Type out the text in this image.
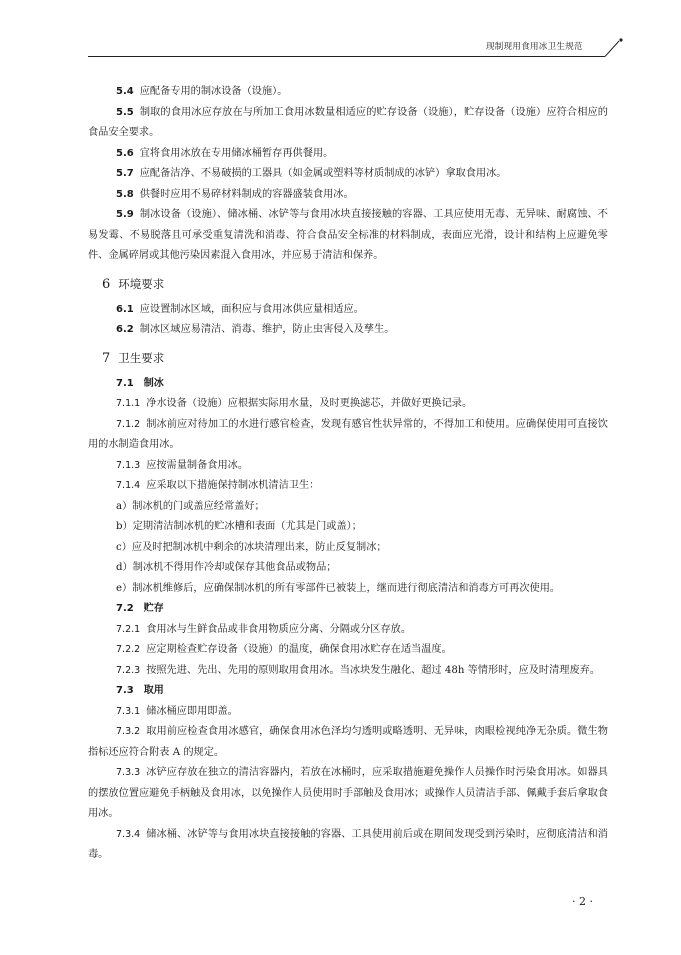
现制现用食用冰卫生规范

5.4 应配备专用的制冰设备（设施）。

5.5 制取的食用冰应存放在与所加工食用冰数量相适应的贮存设备（设施），贮存设备（设施）应符合相应的食品安全要求。

5.6 宜将食用冰放在专用储冰桶暂存再供餐用。

5.7 应配备洁净、不易破损的工器具（如金属或塑料等材质制成的冰铲）拿取食用冰。

5.8 供餐时应用不易碎材料制成的容器盛装食用冰。

5.9 制冰设备（设施）、储冰桶、冰铲等与食用冰块直接接触的容器、工具应使用无毒、无异味、耐腐蚀、不易发霉、不易脱落且可承受重复清洗和消毒、符合食品安全标准的材料制成，表面应光滑，设计和结构上应避免零件、金属碎屑或其他污染因素混入食用冰，并应易于清洁和保养。

6 环境要求

6.1 应设置制冰区域，面积应与食用冰供应量相适应。

6.2 制冰区域应易清洁、消毒、维护，防止虫害侵入及孳生。

7 卫生要求
7.1 制冰

7.1.1 净水设备（设施）应根据实际用水量，及时更换滤芯，并做好更换记录。

7.1.2 制冰前应对待加工的水进行感官检查，发现有感官性状异常的，不得加工和使用。应确保使用可直接饮用的水制造食用冰。

7.1.3 应按需量制备食用冰。

7.1.4 应采取以下措施保持制冰机清洁卫生：

a）制冰机的门或盖应经常盖好；

b）定期清洁制冰机的贮冰槽和表面（尤其是门或盖）；

c）应及时把制冰机中剩余的冰块清理出来，防止反复制冰；

d）制冰机不得用作冷却或保存其他食品或物品；

e）制冰机维修后，应确保制冰机的所有零部件已被装上，继而进行彻底清洁和消毒方可再次使用。

7.2 贮存

7.2.1 食用冰与生鲜食品或非食用物质应分离、分隔或分区存放。

7.2.2 应定期检查贮存设备（设施）的温度，确保食用冰贮存在适当温度。

7.2.3 按照先进、先出、先用的原则取用食用冰。当冰块发生融化、超过 48h 等情形时，应及时清理废弃。

7.3 取用

7.3.1 储冰桶应即用即盖。

7.3.2 取用前应检查食用冰感官，确保食用冰色泽均匀透明或略透明、无异味，肉眼检视纯净无杂质。微生物指标还应符合附表 A 的规定。

7.3.3 冰铲应存放在独立的清洁容器内，若放在冰桶时，应采取措施避免操作人员操作时污染食用冰。如器具的摆放位置应避免手柄触及食用冰，以免操作人员使用时手部触及食用冰；或操作人员清洁手部、佩戴手套后拿取食用冰。

7.3.4 储冰桶、冰铲等与食用冰块直接接触的容器、工具使用前后或在期间发现受到污染时，应彻底清洁和消毒。

· 2 ·
